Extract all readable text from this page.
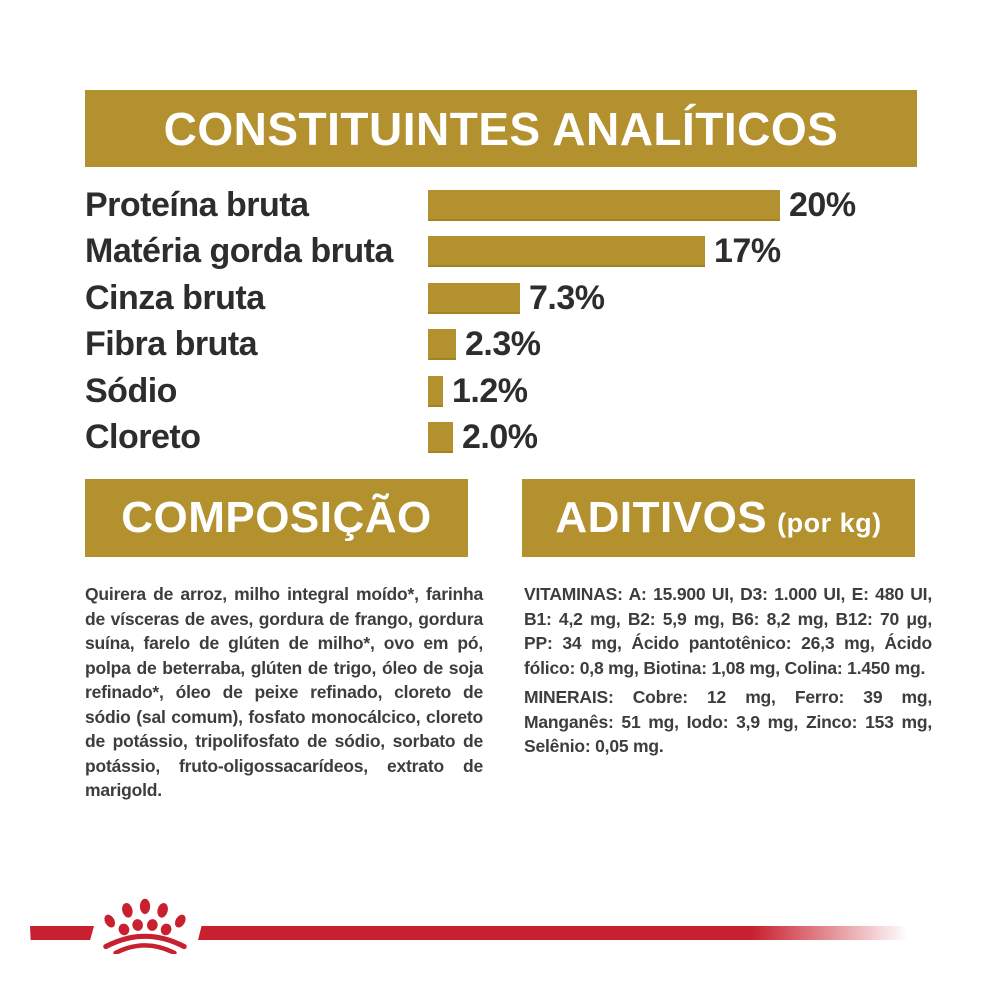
CONSTITUINTES ANALÍTICOS
Proteína bruta	20%
Matéria gorda bruta	17%
Cinza bruta	7.3%
Fibra bruta	2.3%
Sódio	1.2%
Cloreto	2.0%
COMPOSIÇÃO	ADITIVOS (por kg)
Quirera de arroz, milho integral moído*, farinha de vísceras de aves, gordura de frango, gordura suína, farelo de glúten de milho*, ovo em pó, polpa de beterraba, glúten de trigo, óleo de soja refinado*, óleo de peixe refinado, cloreto de sódio (sal comum), fosfato monocálcico, cloreto de potássio, tripolifosfato de sódio, sorbato de potássio, fruto-oligossacarídeos, extrato de marigold.

VITAMINAS: A: 15.900 UI, D3: 1.000 UI, E: 480 UI, B1: 4,2 mg, B2: 5,9 mg, B6: 8,2 mg, B12: 70 μg, PP: 34 mg, Ácido pantotênico: 26,3 mg, Ácido fólico: 0,8 mg, Biotina: 1,08 mg, Colina: 1.450 mg.

MINERAIS: Cobre: 12 mg, Ferro: 39 mg, Manganês: 51 mg, Iodo: 3,9 mg, Zinco: 153 mg, Selênio: 0,05 mg.
